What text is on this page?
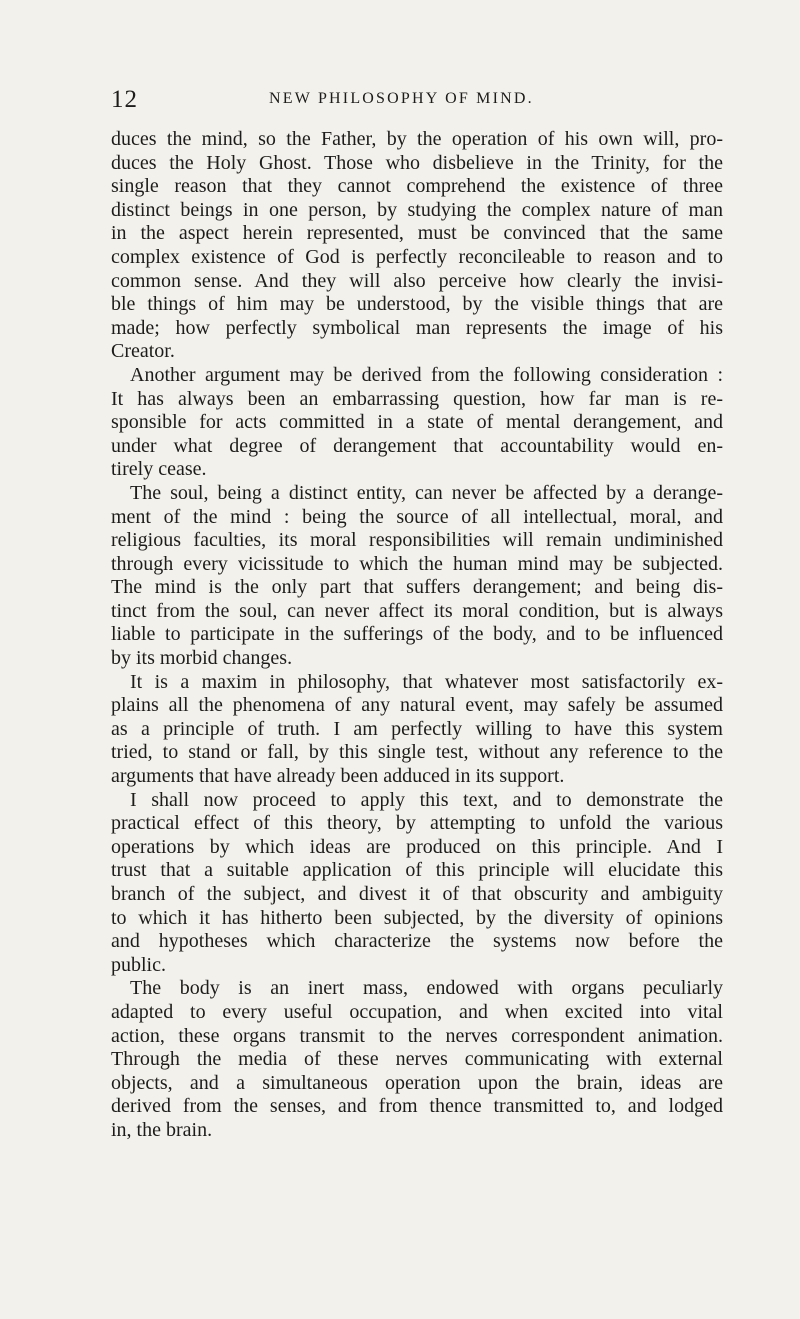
12	NEW PHILOSOPHY OF MIND.
duces the mind, so the Father, by the operation of his own will, pro-
duces the Holy Ghost. Those who disbelieve in the Trinity, for the
single reason that they cannot comprehend the existence of three
distinct beings in one person, by studying the complex nature of man
in the aspect herein represented, must be convinced that the same
complex existence of God is perfectly reconcileable to reason and to
common sense. And they will also perceive how clearly the invisi-
ble things of him may be understood, by the visible things that are
made; how perfectly symbolical man represents the image of his
Creator.
Another argument may be derived from the following consideration :
It has always been an embarrassing question, how far man is re-
sponsible for acts committed in a state of mental derangement, and
under what degree of derangement that accountability would en-
tirely cease.
The soul, being a distinct entity, can never be affected by a derange-
ment of the mind : being the source of all intellectual, moral, and
religious faculties, its moral responsibilities will remain undiminished
through every vicissitude to which the human mind may be subjected.
The mind is the only part that suffers derangement; and being dis-
tinct from the soul, can never affect its moral condition, but is always
liable to participate in the sufferings of the body, and to be influenced
by its morbid changes.
It is a maxim in philosophy, that whatever most satisfactorily ex-
plains all the phenomena of any natural event, may safely be assumed
as a principle of truth. I am perfectly willing to have this system
tried, to stand or fall, by this single test, without any reference to the
arguments that have already been adduced in its support.
I shall now proceed to apply this text, and to demonstrate the
practical effect of this theory, by attempting to unfold the various
operations by which ideas are produced on this principle. And I
trust that a suitable application of this principle will elucidate this
branch of the subject, and divest it of that obscurity and ambiguity
to which it has hitherto been subjected, by the diversity of opinions
and hypotheses which characterize the systems now before the
public.
The body is an inert mass, endowed with organs peculiarly
adapted to every useful occupation, and when excited into vital
action, these organs transmit to the nerves correspondent animation.
Through the media of these nerves communicating with external
objects, and a simultaneous operation upon the brain, ideas are
derived from the senses, and from thence transmitted to, and lodged
in, the brain.
